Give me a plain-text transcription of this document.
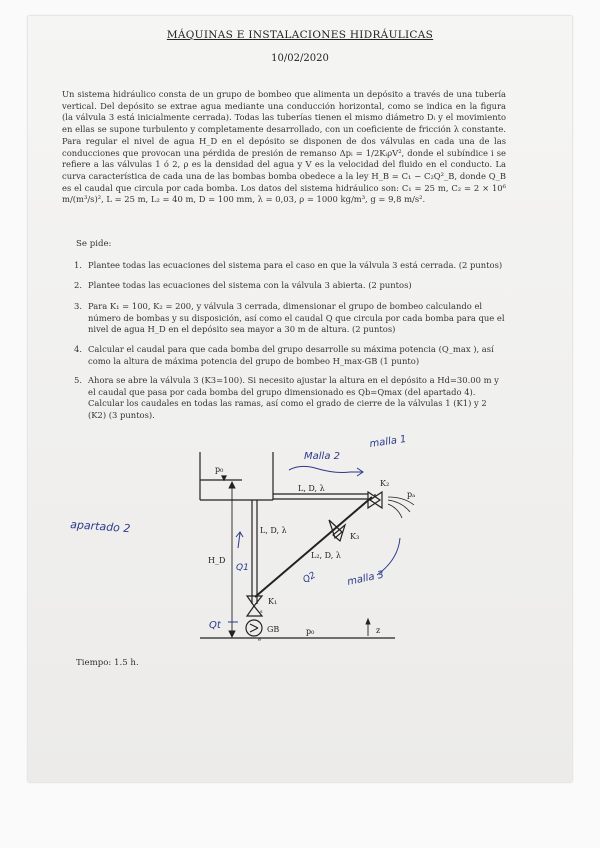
MÁQUINAS E INSTALACIONES HIDRÁULICAS
10/02/2020
Un sistema hidráulico consta de un grupo de bombeo que alimenta un depósito a través de una tubería vertical. Del depósito se extrae agua mediante una conducción horizontal, como se indica en la figura (la válvula 3 está inicialmente cerrada). Todas las tuberías tienen el mismo diámetro Dᵢ y el movimiento en ellas se supone turbulento y completamente desarrollado, con un coeficiente de fricción λ constante. Para regular el nivel de agua H_D en el depósito se disponen de dos válvulas en cada una de las conducciones que provocan una pérdida de presión de remanso Δpᵢ = 1/2KᵢρV², donde el subíndice i se refiere a las válvulas 1 ó 2, ρ es la densidad del agua y V es la velocidad del fluido en el conducto. La curva característica de cada una de las bombas bomba obedece a la ley H_B = C₁ − C₂Q²_B, donde Q_B es el caudal que circula por cada bomba. Los datos del sistema hidráulico son: C₁ = 25 m, C₂ = 2 × 10⁶ m/(m³/s)², L = 25 m, L₂ = 40 m, D = 100 mm, λ = 0,03, ρ = 1000 kg/m³, g = 9,8 m/s².
Se pide:
1. Plantee todas las ecuaciones del sistema para el caso en que la válvula 3 está cerrada. (2 puntos)
2. Plantee todas las ecuaciones del sistema con la válvula 3 abierta. (2 puntos)
3. Para K₁ = 100, K₂ = 200, y válvula 3 cerrada, dimensionar el grupo de bombeo calculando el número de bombas y su disposición, así como el caudal Q que circula por cada bomba para que el nivel de agua H_D en el depósito sea mayor a 30 m de altura. (2 puntos)
4. Calcular el caudal para que cada bomba del grupo desarrolle su máxima potencia (Q_max ), así como la altura de máxima potencia del grupo de bombeo H_max-GB (1 punto)
5. Ahora se abre la válvula 3 (K3=100). Si necesito ajustar la altura en el depósito a Hd=30.00 m y el caudal que pasa por cada bomba del grupo dimensionado es Qb=Qmax (del apartado 4). Calcular los caudales en todas las ramas, así como el grado de cierre de la válvulas 1 (K1) y 2 (K2) (3 puntos).
p₀
L, D, λ
K₂
pₐ
L, D, λ
K₃
L₂, D, λ
H_D
K₁
s
GB
e
p₀	z
apartado 2
malla 1
Malla 2
malla 3
Q1
Q2
Qt
Tiempo: 1.5 h.
